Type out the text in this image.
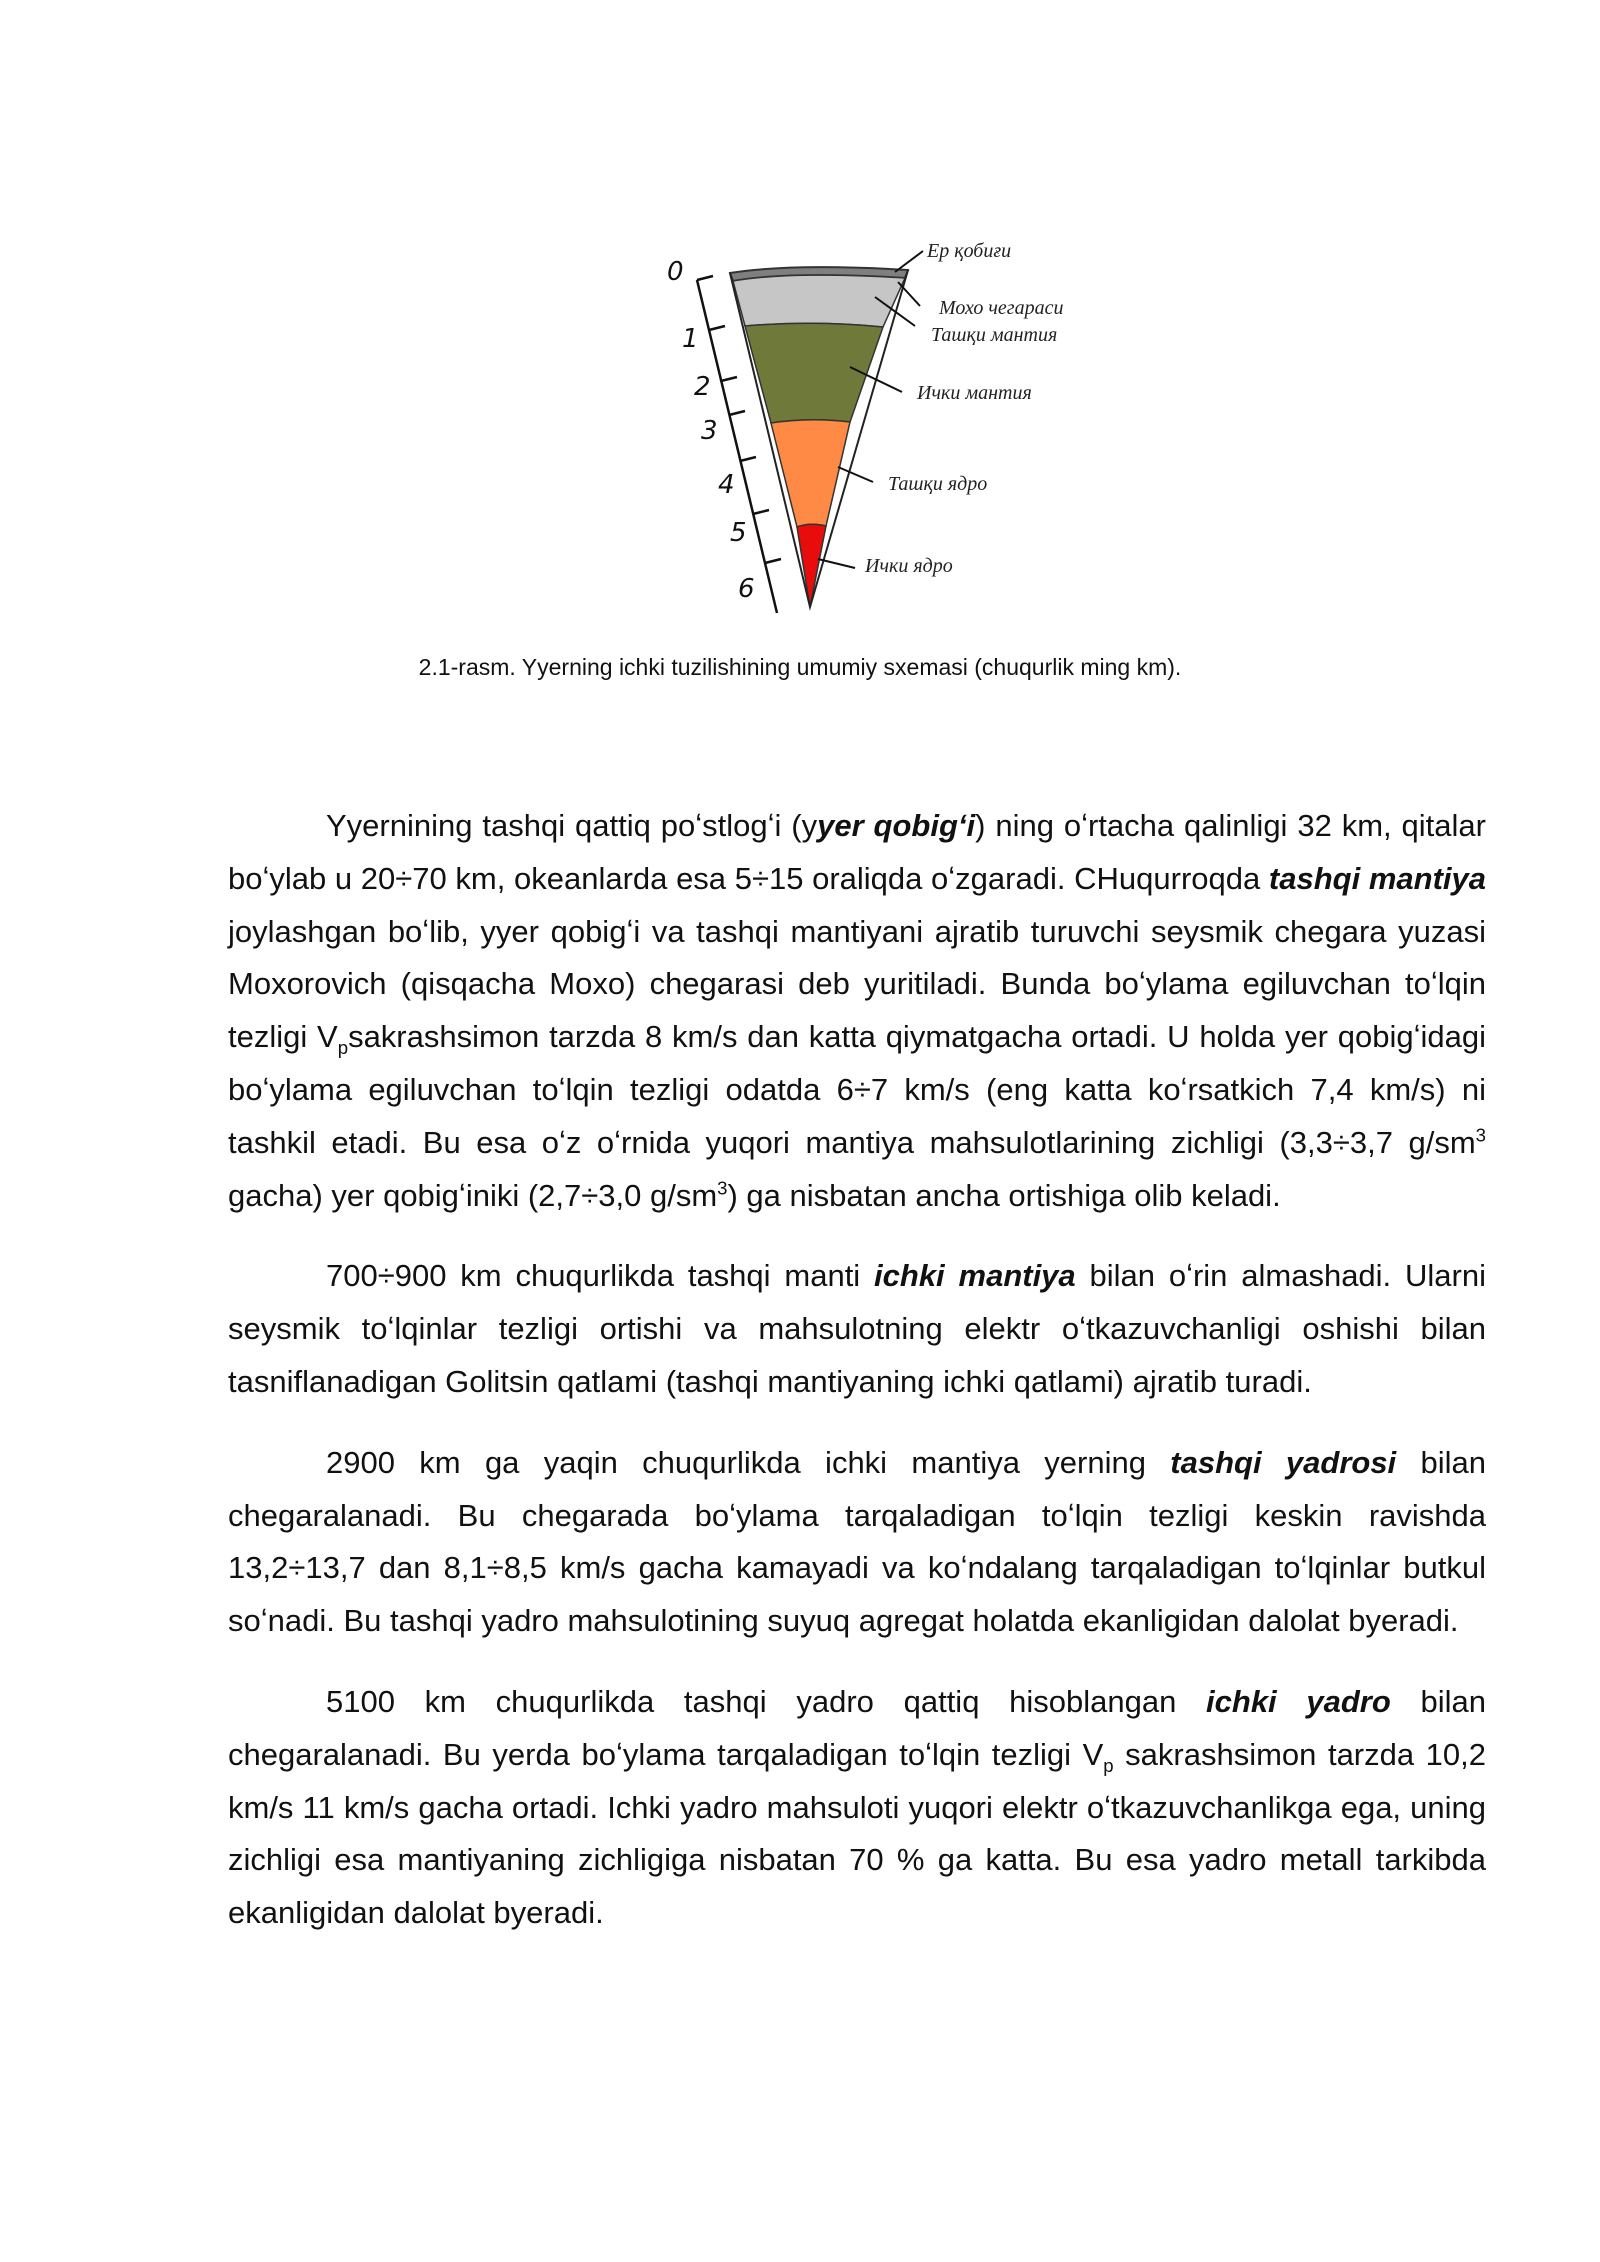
0
1
2
3
4
5
6
Ер қобиғи
Мохо чегараси
Ташқи мантия
Ички мантия
Ташқи ядро
Ички ядро

2.1-rasm. Yyerning ichki tuzilishining umumiy sxemasi (chuqurlik ming km).

Yyernining tashqi qattiq poʻstlogʻi (yyer qobigʻi) ning oʻrtacha qalinligi 32 km, qitalar boʻylab u 20÷70 km, okeanlarda esa 5÷15 oraliqda oʻzgaradi. CHuqurroqda tashqi mantiya joylashgan boʻlib, yyer qobigʻi va tashqi mantiyani ajratib turuvchi seysmik chegara yuzasi Moxorovich (qisqacha Moxo) chegarasi deb yuritiladi. Bunda boʻylama egiluvchan toʻlqin tezligi $V_psakrashsimon$ tarzda 8 km/s dan katta qiymatgacha ortadi. U holda yer qobigʻidagi boʻylama egiluvchan toʻlqin tezligi odatda 6÷7 km/s (eng katta koʻrsatkich 7,4 km/s) ni tashkil etadi. Bu esa oʻz oʻrnida yuqori mantiya mahsulotlarining zichligi (3,3÷3,7 $g/sm^3$ gacha) yer qobigʻiniki (2,7÷3,0 $g/sm^3$) ga nisbatan ancha ortishiga olib keladi.

700÷900 km chuqurlikda tashqi manti ichki mantiya bilan oʻrin almashadi. Ularni seysmik toʻlqinlar tezligi ortishi va mahsulotning elektr oʻtkazuvchanligi oshishi bilan tasniflanadigan Golitsin qatlami (tashqi mantiyaning ichki qatlami) ajratib turadi.

2900 km ga yaqin chuqurlikda ichki mantiya yerning tashqi yadrosi bilan chegaralanadi. Bu chegarada boʻylama tarqaladigan toʻlqin tezligi keskin ravishda 13,2÷13,7 dan 8,1÷8,5 km/s gacha kamayadi va koʻndalang tarqaladigan toʻlqinlar butkul soʻnadi. Bu tashqi yadro mahsulotining suyuq agregat holatda ekanligidan dalolat byeradi.

5100 km chuqurlikda tashqi yadro qattiq hisoblangan ichki yadro bilan chegaralanadi. Bu yerda boʻylama tarqaladigan toʻlqin tezligi $V_p$ sakrashsimon tarzda 10,2 km/s 11 km/s gacha ortadi. Ichki yadro mahsuloti yuqori elektr oʻtkazuvchanlikga ega, uning zichligi esa mantiyaning zichligiga nisbatan 70 % ga katta. Bu esa yadro metall tarkibda ekanligidan dalolat byeradi.
